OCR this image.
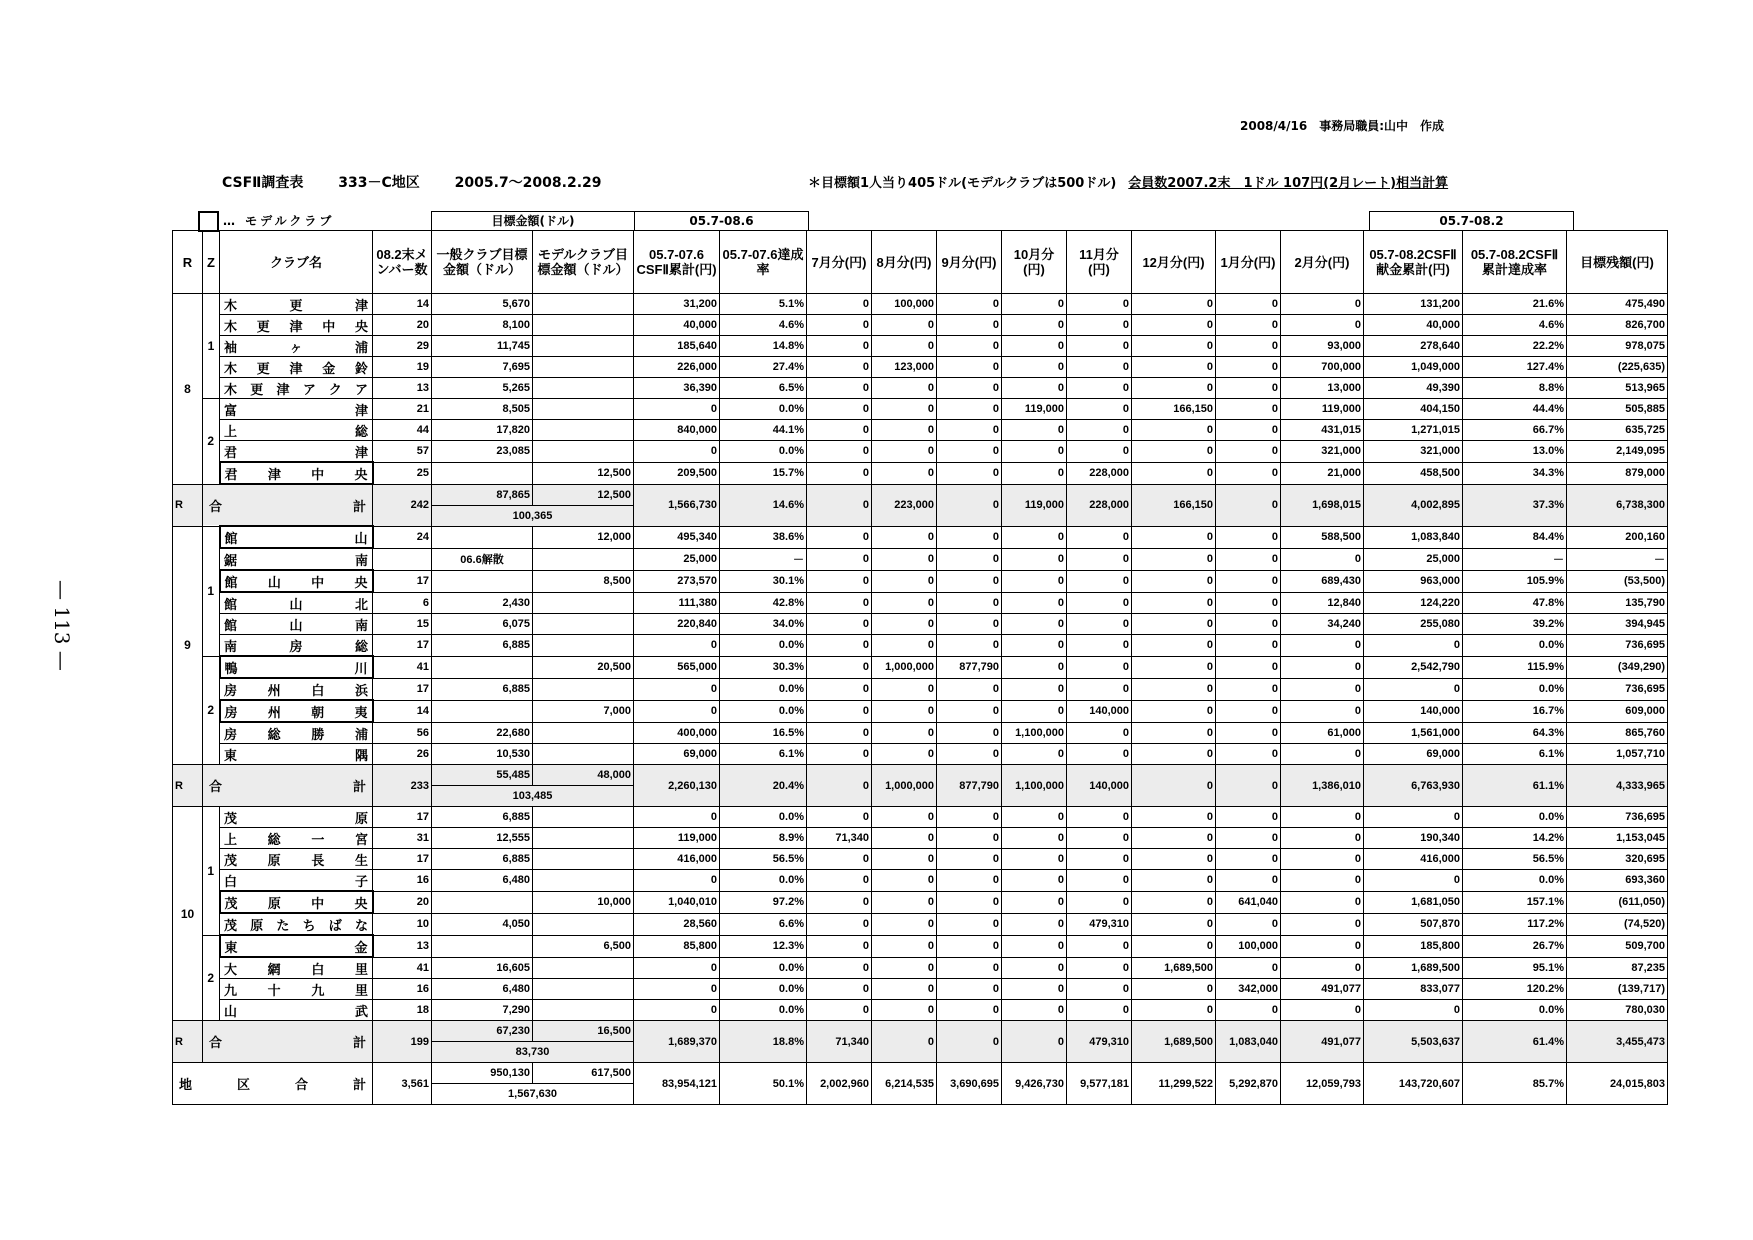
2008/4/16　事務局職員:山中　作成
CSFⅡ調査表 333－C地区 2005.7～2008.2.29	＊目標額1人当り405ドル(モデルクラブは500ドル) 会員数2007.2末　1ドル 107円(2月レート)相当計算
— 113 —
… モデルクラブ	目標金額(ドル)	05.7-08.6	05.7-08.2
R	Z	クラブ名	08.2末メンバー数	一般クラブ目標金額（ドル）	モデルクラブ目標金額（ドル）	05.7-07.6 CSFⅡ累計(円)	05.7-07.6達成率	7月分(円)	8月分(円)	9月分(円)	10月分(円)	11月分(円)	12月分(円)	1月分(円)	2月分(円)	05.7-08.2CSFⅡ献金累計(円)	05.7-08.2CSFⅡ累計達成率	目標残額(円)
8	1	木更津	14	5,670		31,200	5.1%	0	100,000	0	0	0	0	0	0	131,200	21.6%	475,490
		木更津中央	20	8,100		40,000	4.6%	0	0	0	0	0	0	0	0	40,000	4.6%	826,700
		袖ヶ浦	29	11,745		185,640	14.8%	0	0	0	0	0	0	0	93,000	278,640	22.2%	978,075
		木更津金鈴	19	7,695		226,000	27.4%	0	123,000	0	0	0	0	0	700,000	1,049,000	127.4%	(225,635)
		木更津アクア	13	5,265		36,390	6.5%	0	0	0	0	0	0	0	13,000	49,390	8.8%	513,965
	2	富津	21	8,505		0	0.0%	0	0	0	119,000	0	166,150	0	119,000	404,150	44.4%	505,885
		上総	44	17,820		840,000	44.1%	0	0	0	0	0	0	0	431,015	1,271,015	66.7%	635,725
		君津	57	23,085		0	0.0%	0	0	0	0	0	0	0	321,000	321,000	13.0%	2,149,095
		君津中央	25		12,500	209,500	15.7%	0	0	0	0	228,000	0	0	21,000	458,500	34.3%	879,000
R	合計		242	87,865	12,500	1,566,730	14.6%	0	223,000	0	119,000	228,000	166,150	0	1,698,015	4,002,895	37.3%	6,738,300
				100,365														
9	1	館山	24		12,000	495,340	38.6%	0	0	0	0	0	0	0	588,500	1,083,840	84.4%	200,160
		鋸南		06.6解散		25,000	－	0	0	0	0	0	0	0	0	25,000	－	－
		館山中央	17		8,500	273,570	30.1%	0	0	0	0	0	0	0	689,430	963,000	105.9%	(53,500)
		館山北	6	2,430		111,380	42.8%	0	0	0	0	0	0	0	12,840	124,220	47.8%	135,790
		館山南	15	6,075		220,840	34.0%	0	0	0	0	0	0	0	34,240	255,080	39.2%	394,945
		南房総	17	6,885		0	0.0%	0	0	0	0	0	0	0	0	0	0.0%	736,695
	2	鴨川	41		20,500	565,000	30.3%	0	1,000,000	877,790	0	0	0	0	0	2,542,790	115.9%	(349,290)
		房州白浜	17	6,885		0	0.0%	0	0	0	0	0	0	0	0	0	0.0%	736,695
		房州朝夷	14		7,000	0	0.0%	0	0	0	0	140,000	0	0	0	140,000	16.7%	609,000
		房総勝浦	56	22,680		400,000	16.5%	0	0	0	1,100,000	0	0	0	61,000	1,561,000	64.3%	865,760
		東隅	26	10,530		69,000	6.1%	0	0	0	0	0	0	0	0	69,000	6.1%	1,057,710
R	合計		233	55,485	48,000	2,260,130	20.4%	0	1,000,000	877,790	1,100,000	140,000	0	0	1,386,010	6,763,930	61.1%	4,333,965
				103,485														
10	1	茂原	17	6,885		0	0.0%	0	0	0	0	0	0	0	0	0	0.0%	736,695
		上総一宮	31	12,555		119,000	8.9%	71,340	0	0	0	0	0	0	0	190,340	14.2%	1,153,045
		茂原長生	17	6,885		416,000	56.5%	0	0	0	0	0	0	0	0	416,000	56.5%	320,695
		白子	16	6,480		0	0.0%	0	0	0	0	0	0	0	0	0	0.0%	693,360
		茂原中央	20		10,000	1,040,010	97.2%	0	0	0	0	0	0	641,040	0	1,681,050	157.1%	(611,050)
		茂原たちばな	10	4,050		28,560	6.6%	0	0	0	0	479,310	0	0	0	507,870	117.2%	(74,520)
	2	東金	13		6,500	85,800	12.3%	0	0	0	0	0	0	100,000	0	185,800	26.7%	509,700
		大網白里	41	16,605		0	0.0%	0	0	0	0	0	1,689,500	0	0	1,689,500	95.1%	87,235
		九十九里	16	6,480		0	0.0%	0	0	0	0	0	0	342,000	491,077	833,077	120.2%	(139,717)
		山武	18	7,290		0	0.0%	0	0	0	0	0	0	0	0	0	0.0%	780,030
R	合計		199	67,230	16,500	1,689,370	18.8%	71,340	0	0	0	479,310	1,689,500	1,083,040	491,077	5,503,637	61.4%	3,455,473
				83,730														
地区合計			3,561	950,130	617,500	83,954,121	50.1%	2,002,960	6,214,535	3,690,695	9,426,730	9,577,181	11,299,522	5,292,870	12,059,793	143,720,607	85.7%	24,015,803
				1,567,630														
